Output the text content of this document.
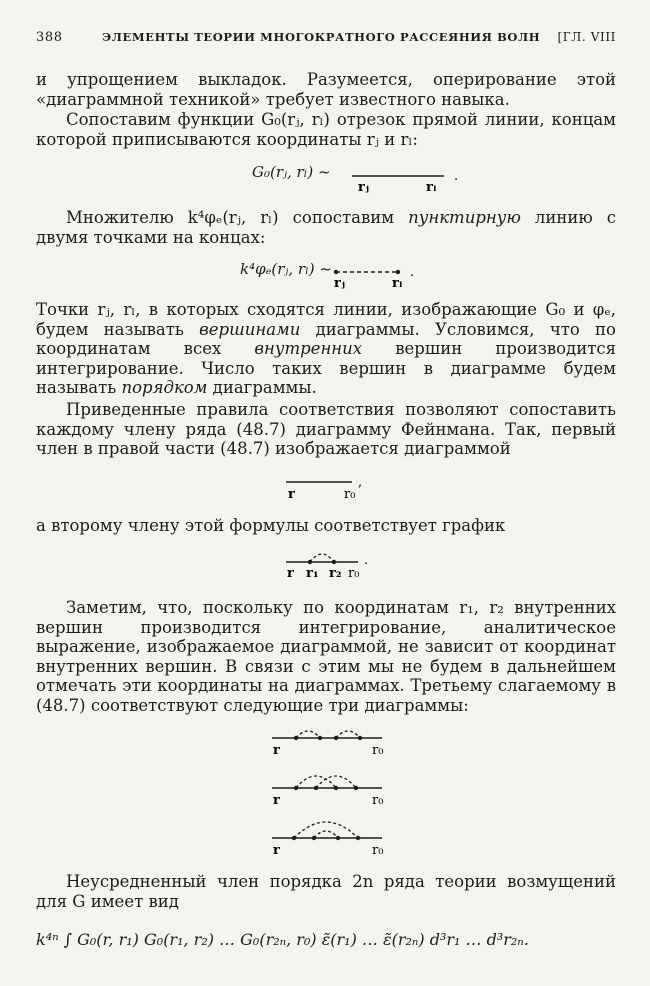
388	ЭЛЕМЕНТЫ ТЕОРИИ МНОГОКРАТНОГО РАССЕЯНИЯ ВОЛН [ГЛ. VIII
и упрощением выкладок. Разумеется, оперирование этой «диаграммной техникой» требует известного навыка.
Сопоставим функции G₀(rⱼ, rₗ) отрезок прямой линии, концам которой приписываются координаты rⱼ и rₗ:
G₀(rⱼ, rₗ) ~
rⱼ	rₗ
.
Множителю k⁴φₑ(rⱼ, rₗ) сопоставим пунктирную линию с двумя точками на концах:
k⁴φₑ(rⱼ, rₗ) ~
rⱼ	rₗ
.
Точки rⱼ, rₗ, в которых сходятся линии, изображающие G₀ и φₑ, будем называть вершинами диаграммы. Условимся, что по координатам всех внутренних вершин производится интегрирование. Число таких вершин в диаграмме будем называть порядком диаграммы.
Приведенные правила соответствия позволяют сопоставить каждому члену ряда (48.7) диаграмму Фейнмана. Так, первый член в правой части (48.7) изображается диаграммой
r	r₀
,
а второму члену этой формулы соответствует график
r r₁ r₂ r₀
.
Заметим, что, поскольку по координатам r₁, r₂ внутренних вершин производится интегрирование, аналитическое выражение, изображаемое диаграммой, не зависит от координат внутренних вершин. В связи с этим мы не будем в дальнейшем отмечать эти координаты на диаграммах. Третьему слагаемому в (48.7) соответствуют следующие три диаграммы:
r	r₀
r	r₀
r	r₀
Неусредненный член порядка 2n ряда теории возмущений для G имеет вид
k⁴ⁿ ∫ G₀(r, r₁) G₀(r₁, r₂) … G₀(r₂ₙ, r₀) ε̃(r₁) … ε̃(r₂ₙ) d³r₁ … d³r₂ₙ.
